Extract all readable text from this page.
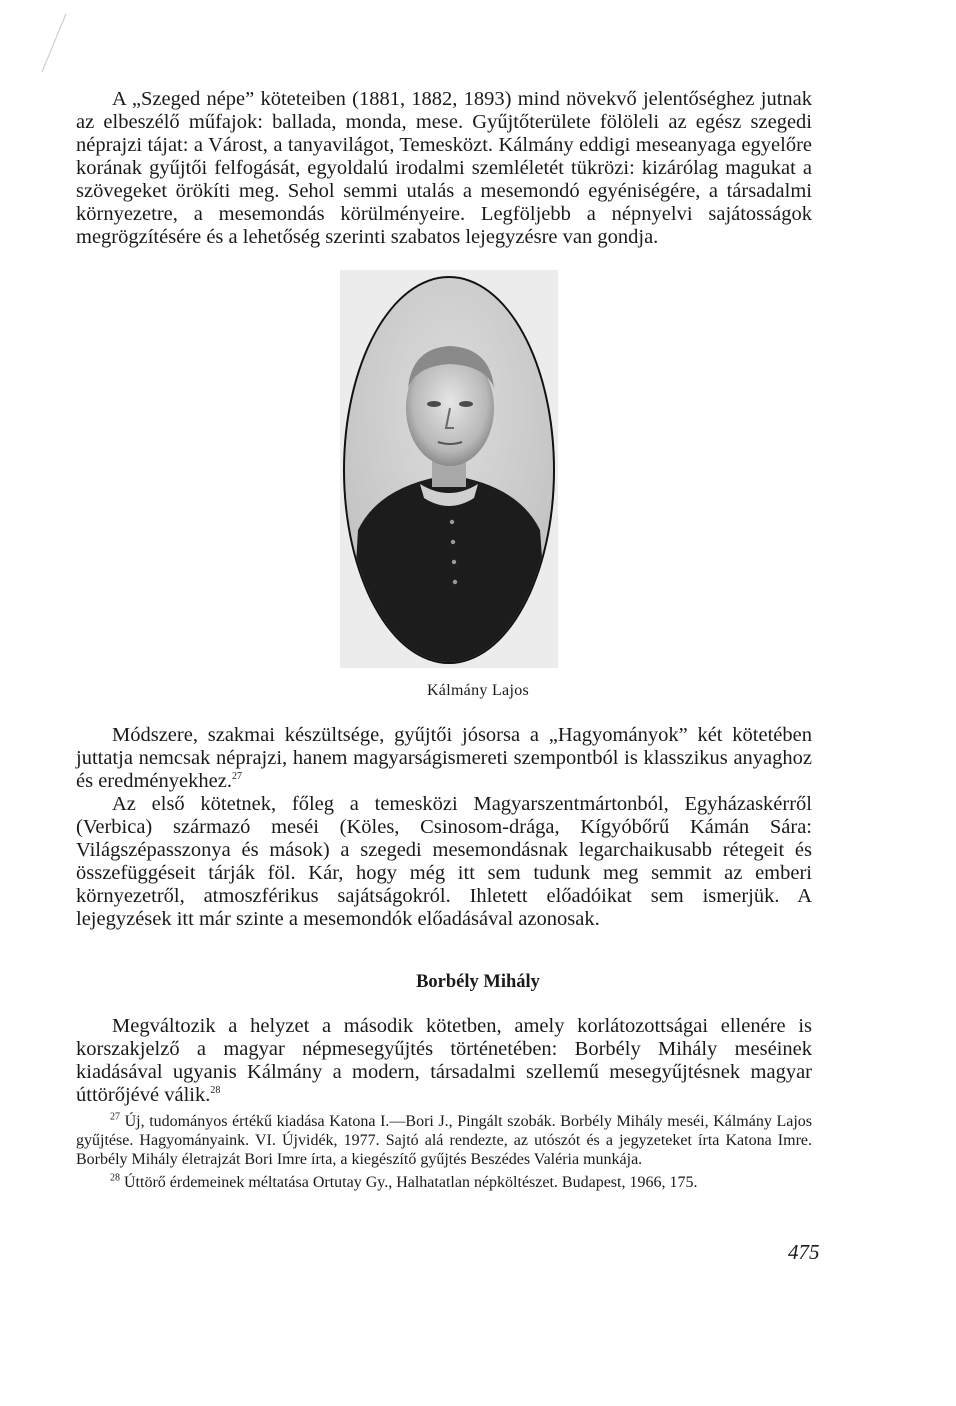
A „Szeged népe” köteteiben (1881, 1882, 1893) mind növekvő jelentőséghez jutnak az elbeszélő műfajok: ballada, monda, mese. Gyűjtőterülete fölöleli az egész szegedi néprajzi tájat: a Várost, a tanyavilágot, Temesközt. Kálmány eddigi meseanyaga egyelőre korának gyűjtői felfogását, egyoldalú irodalmi szemléletét tükrözi: kizárólag magukat a szövegeket örökíti meg. Sehol semmi utalás a mesemondó egyéniségére, a társadalmi környezetre, a mesemondás körülményeire. Legföljebb a népnyelvi sajátosságok megrögzítésére és a lehetőség szerinti szabatos lejegyzésre van gondja.

Kálmány Lajos

Módszere, szakmai készültsége, gyűjtői jósorsa a „Hagyományok” két kötetében juttatja nemcsak néprajzi, hanem magyarságismereti szempontból is klasszikus anyaghoz és eredményekhez.$^{27}$

Az első kötetnek, főleg a temesközi Magyarszentmártonból, Egyházaskérről (Verbica) származó meséi (Köles, Csinosom-drága, Kígyóbőrű Kámán Sára: Világszépasszonya és mások) a szegedi mesemondásnak legarchaikusabb rétegeit és összefüggéseit tárják föl. Kár, hogy még itt sem tudunk meg semmit az emberi környezetről, atmoszférikus sajátságokról. Ihletett előadóikat sem ismerjük. A lejegyzések itt már szinte a mesemondók előadásával azonosak.

Borbély Mihály

Megváltozik a helyzet a második kötetben, amely korlátozottságai ellenére is korszakjelző a magyar népmesegyűjtés történetében: Borbély Mihály meséinek kiadásával ugyanis Kálmány a modern, társadalmi szellemű mesegyűjtésnek magyar úttörőjévé válik.$^{28}$

$^{27}$ Új, tudományos értékű kiadása Katona I.—Bori J., Pingált szobák. Borbély Mihály meséi, Kálmány Lajos gyűjtése. Hagyományaink. VI. Újvidék, 1977. Sajtó alá rendezte, az utószót és a jegyzeteket írta Katona Imre. Borbély Mihály életrajzát Bori Imre írta, a kiegészítő gyűjtés Beszédes Valéria munkája.

$^{28}$ Úttörő érdemeinek méltatása Ortutay Gy., Halhatatlan népköltészet. Budapest, 1966, 175.

475
